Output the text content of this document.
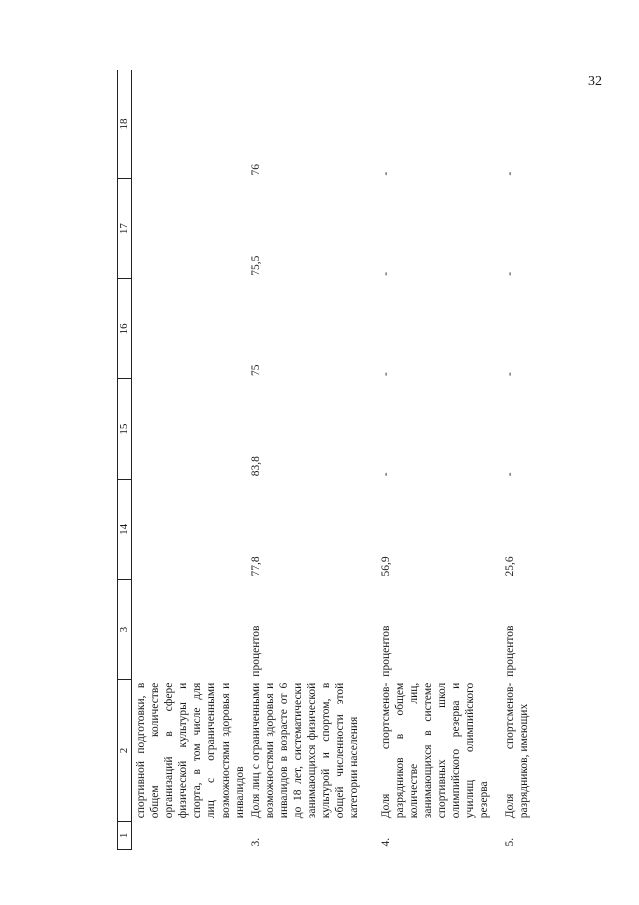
32
1	2	3	14	15	16	17	18
	спортивной подготовки, в общем количестве организаций в сфере физической культуры и спорта, в том числе для лиц с ограниченными возможностями здоровья и инвалидов						
3.	Доля лиц с ограниченными возможностями здоровья и инвалидов в возрасте от 6 до 18 лет, систематически занимающихся физической культурой и спортом, в общей численности этой категории населения	процентов	77,8	83,8	75	75,5	76
4.	Доля спортсменов-разрядников в общем количестве лиц, занимающихся в системе спортивных школ олимпийского резерва и училищ олимпийского резерва	процентов	56,9	-	-	-	-
5.	Доля спортсменов-разрядников, имеющих	процентов	25,6	-	-	-	-
